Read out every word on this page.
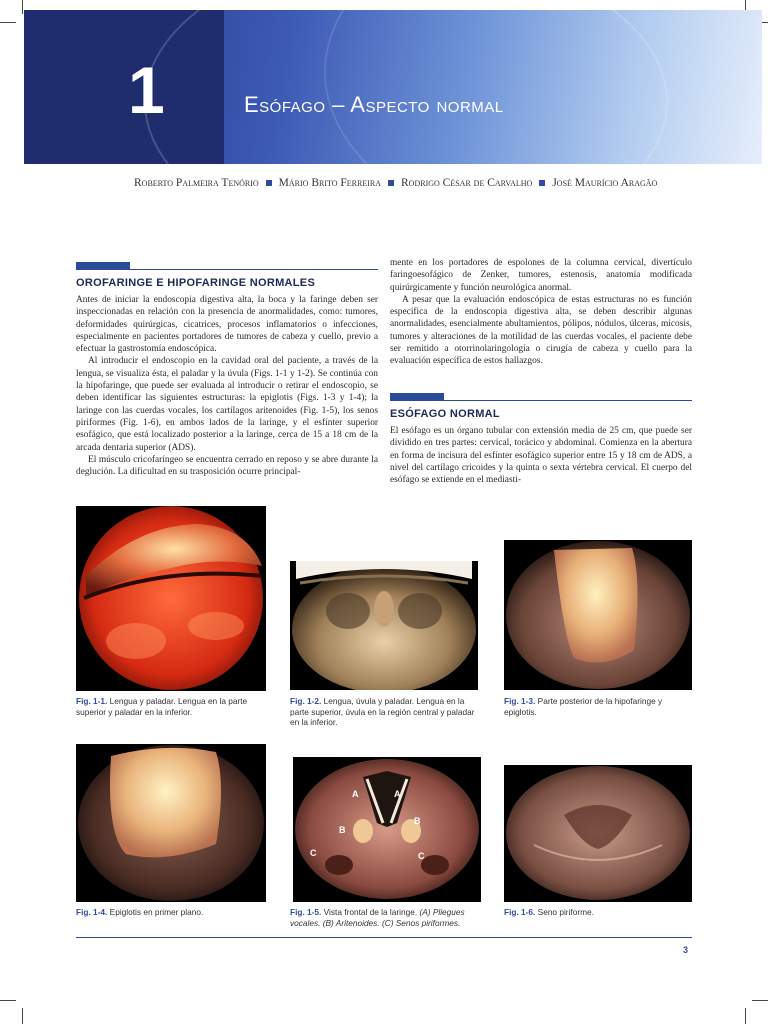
1	Esófago – Aspecto normal
Roberto Palmeira Tenório Mário Brito Ferreira Rodrigo César de Carvalho José Maurício Aragão
OROFARINGE E HIPOFARINGE NORMALES

Antes de iniciar la endoscopia digestiva alta, la boca y la faringe deben ser inspeccionadas en relación con la presencia de anormalidades, como: tumores, deformidades quirúrgicas, cicatrices, procesos inflamatorios o infecciones, especialmente en pacientes portadores de tumores de cabeza y cuello, previo a efectuar la gastrostomía endoscópica.

Al introducir el endoscopio en la cavidad oral del paciente, a través de la lengua, se visualiza ésta, el paladar y la úvula (Figs. 1-1 y 1-2). Se continúa con la hipofaringe, que puede ser evaluada al introducir o retirar el endoscopio, se deben identificar las siguientes estructuras: la epiglotis (Figs. 1-3 y 1-4); la laringe con las cuerdas vocales, los cartílagos aritenoides (Fig. 1-5), los senos piriformes (Fig. 1-6), en ambos lados de la laringe, y el esfínter superior esofágico, que está localizado posterior a la laringe, cerca de 15 a 18 cm de la arcada dentaria superior (ADS).

El músculo cricofaríngeo se encuentra cerrado en reposo y se abre durante la deglución. La dificultad en su trasposición ocurre principal-

mente en los portadores de espolones de la columna cervical, divertículo faringoesofágico de Zenker, tumores, estenosis, anatomía modificada quirúrgicamente y función neurológica anormal.

A pesar que la evaluación endoscópica de estas estructuras no es función específica de la endoscopia digestiva alta, se deben describir algunas anormalidades, esencialmente abultamientos, pólipos, nódulos, úlceras, micosis, tumores y alteraciones de la motilidad de las cuerdas vocales, el paciente debe ser remitido a otorrinolaringología o cirugía de cabeza y cuello para la evaluación específica de estos hallazgos.

ESÓFAGO NORMAL

El esófago es un órgano tubular con extensión media de 25 cm, que puede ser dividido en tres partes: cervical, torácico y abdominal. Comienza en la abertura en forma de incisura del esfínter esofágico superior entre 15 y 18 cm de ADS, a nivel del cartílago cricoides y la quinta o sexta vértebra cervical. El cuerpo del esófago se extiende en el mediasti-

Fig. 1-1. Lengua y paladar. Lengua en la parte superior y paladar en la inferior.
Fig. 1-2. Lengua, úvula y paladar. Lengua en la parte superior, úvula en la región central y paladar en la inferior.
Fig. 1-3. Parte posterior de la hipofaringe y epiglotis.
Fig. 1-4. Epiglotis en primer plano.
A	A
B
B
C	C
Fig. 1-5. Vista frontal de la laringe. (A) Pliegues vocales. (B) Aritenoides. (C) Senos piriformes.
Fig. 1-6. Seno piriforme.
3
